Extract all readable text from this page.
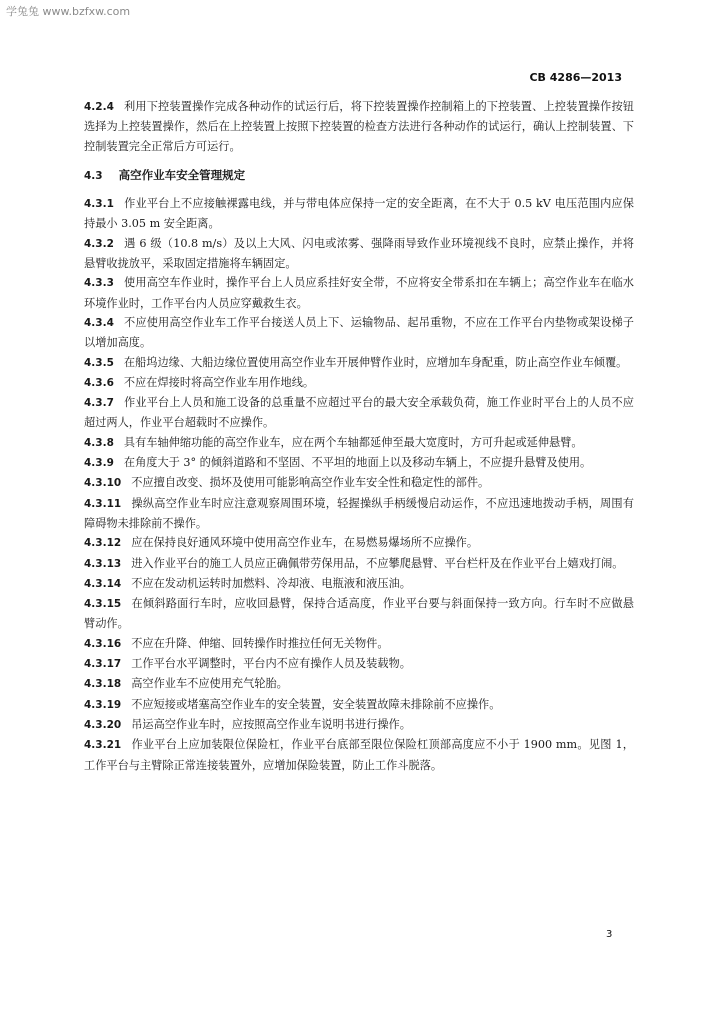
学兔兔 www.bzfxw.com
CB 4286—2013

4.2.4 利用下控装置操作完成各种动作的试运行后，将下控装置操作控制箱上的下控装置、上控装置操作按钮选择为上控装置操作，然后在上控装置上按照下控装置的检查方法进行各种动作的试运行，确认上控制装置、下控制装置完全正常后方可运行。

4.3 高空作业车安全管理规定

4.3.1 作业平台上不应接触裸露电线，并与带电体应保持一定的安全距离，在不大于 0.5 kV 电压范围内应保持最小 3.05 m 安全距离。

4.3.2 遇 6 级（10.8 m/s）及以上大风、闪电或浓雾、强降雨导致作业环境视线不良时，应禁止操作，并将悬臂收拢放平，采取固定措施将车辆固定。

4.3.3 使用高空车作业时，操作平台上人员应系挂好安全带，不应将安全带系扣在车辆上；高空作业车在临水环境作业时，工作平台内人员应穿戴救生衣。

4.3.4 不应使用高空作业车工作平台接送人员上下、运输物品、起吊重物，不应在工作平台内垫物或架设梯子以增加高度。

4.3.5 在船坞边缘、大船边缘位置使用高空作业车开展伸臂作业时，应增加车身配重，防止高空作业车倾覆。

4.3.6 不应在焊接时将高空作业车用作地线。

4.3.7 作业平台上人员和施工设备的总重量不应超过平台的最大安全承载负荷，施工作业时平台上的人员不应超过两人，作业平台超载时不应操作。

4.3.8 具有车轴伸缩功能的高空作业车，应在两个车轴都延伸至最大宽度时，方可升起或延伸悬臂。

4.3.9 在角度大于 3° 的倾斜道路和不坚固、不平坦的地面上以及移动车辆上，不应提升悬臂及使用。

4.3.10 不应擅自改变、损坏及使用可能影响高空作业车安全性和稳定性的部件。

4.3.11 操纵高空作业车时应注意观察周围环境，轻握操纵手柄缓慢启动运作，不应迅速地拨动手柄，周围有障碍物未排除前不操作。

4.3.12 应在保持良好通风环境中使用高空作业车，在易燃易爆场所不应操作。

4.3.13 进入作业平台的施工人员应正确佩带劳保用品，不应攀爬悬臂、平台栏杆及在作业平台上嬉戏打闹。

4.3.14 不应在发动机运转时加燃料、冷却液、电瓶液和液压油。

4.3.15 在倾斜路面行车时，应收回悬臂，保持合适高度，作业平台要与斜面保持一致方向。行车时不应做悬臂动作。

4.3.16 不应在升降、伸缩、回转操作时推拉任何无关物件。

4.3.17 工作平台水平调整时，平台内不应有操作人员及装载物。

4.3.18 高空作业车不应使用充气轮胎。

4.3.19 不应短接或堵塞高空作业车的安全装置，安全装置故障未排除前不应操作。

4.3.20 吊运高空作业车时，应按照高空作业车说明书进行操作。

4.3.21 作业平台上应加装限位保险杠，作业平台底部至限位保险杠顶部高度应不小于 1900 mm。见图 1，工作平台与主臂除正常连接装置外，应增加保险装置，防止工作斗脱落。

3
